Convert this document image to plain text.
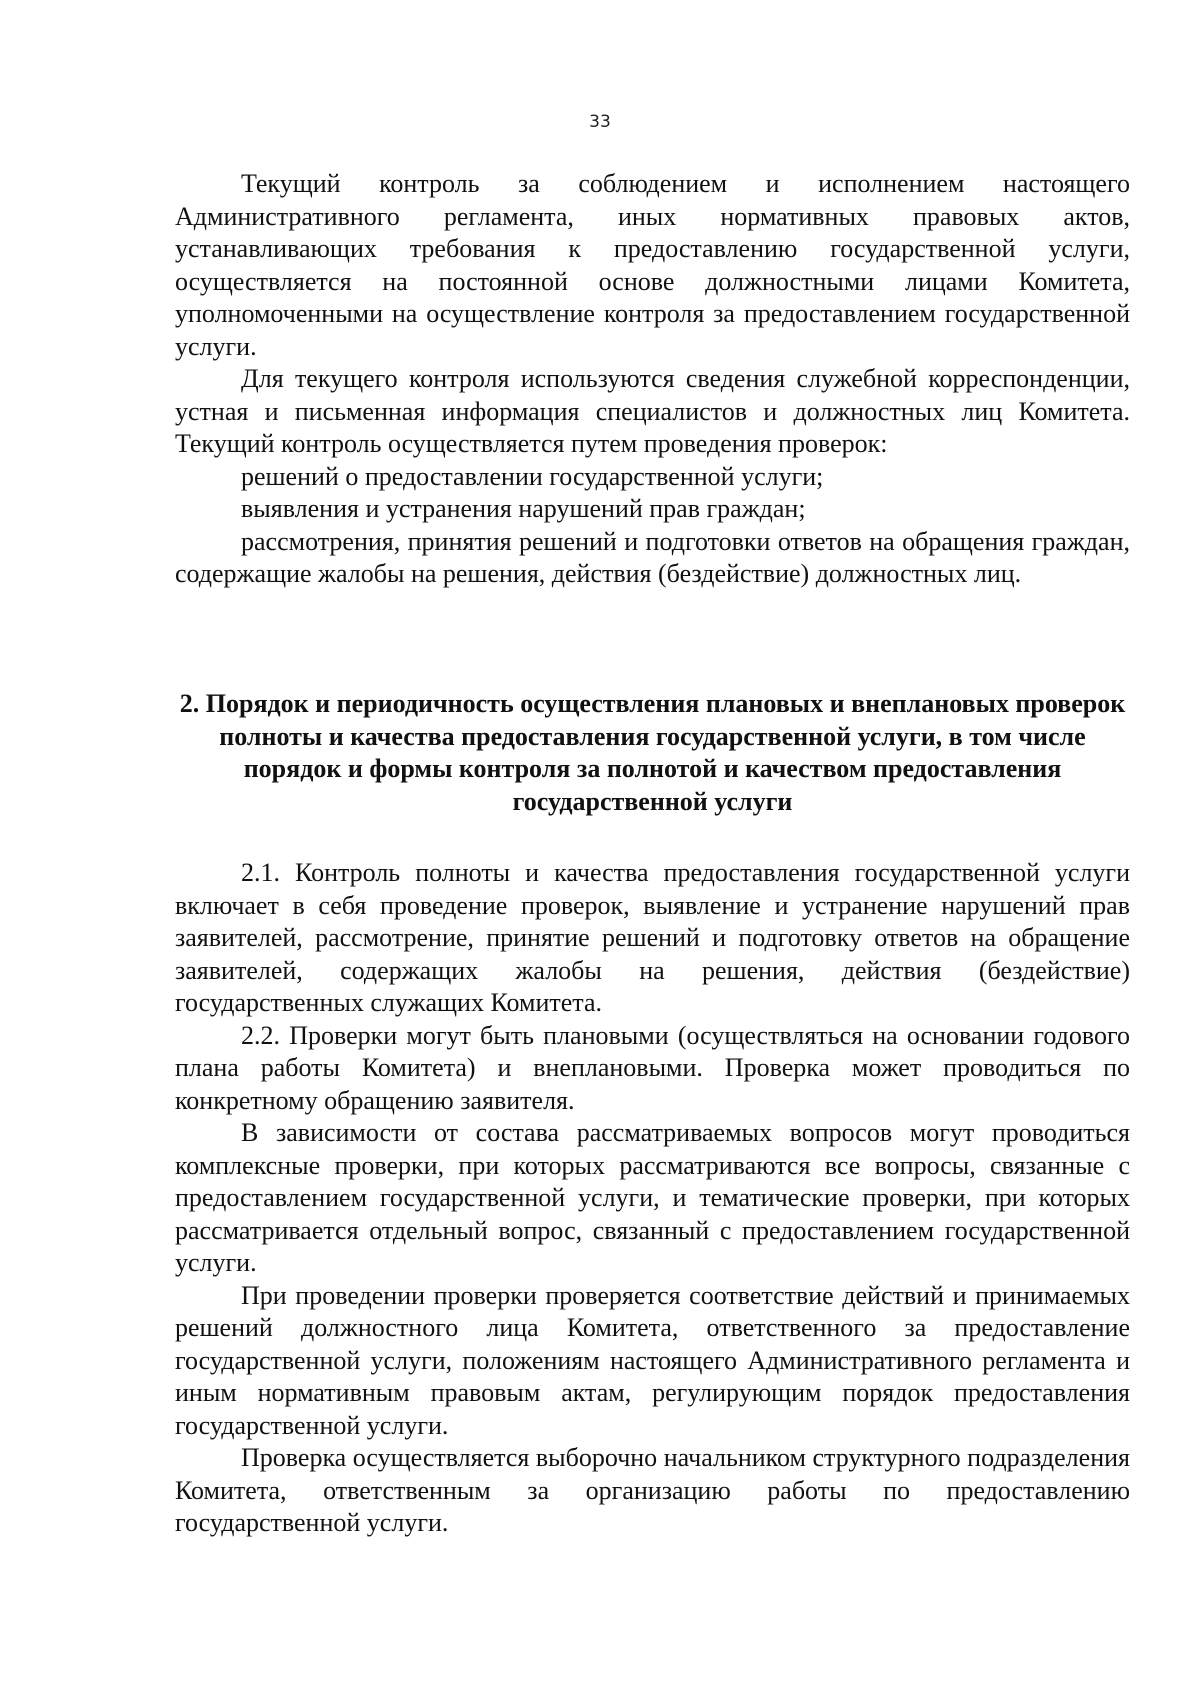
33

Текущий контроль за соблюдением и исполнением настоящего Административного регламента, иных нормативных правовых актов, устанавливающих требования к предоставлению государственной услуги, осуществляется на постоянной основе должностными лицами Комитета, уполномоченными на осуществление контроля за предоставлением государственной услуги.

Для текущего контроля используются сведения служебной корреспонденции, устная и письменная информация специалистов и должностных лиц Комитета. Текущий контроль осуществляется путем проведения проверок:

решений о предоставлении государственной услуги;

выявления и устранения нарушений прав граждан;

рассмотрения, принятия решений и подготовки ответов на обращения граждан, содержащие жалобы на решения, действия (бездействие) должностных лиц.

2. Порядок и периодичность осуществления плановых и внеплановых проверок полноты и качества предоставления государственной услуги, в том числе порядок и формы контроля за полнотой и качеством предоставления государственной услуги

2.1. Контроль полноты и качества предоставления государственной услуги включает в себя проведение проверок, выявление и устранение нарушений прав заявителей, рассмотрение, принятие решений и подготовку ответов на обращение заявителей, содержащих жалобы на решения, действия (бездействие) государственных служащих Комитета.

2.2. Проверки могут быть плановыми (осуществляться на основании годового плана работы Комитета) и внеплановыми. Проверка может проводиться по конкретному обращению заявителя.

В зависимости от состава рассматриваемых вопросов могут проводиться комплексные проверки, при которых рассматриваются все вопросы, связанные с предоставлением государственной услуги, и тематические проверки, при которых рассматривается отдельный вопрос, связанный с предоставлением государственной услуги.

При проведении проверки проверяется соответствие действий и принимаемых решений должностного лица Комитета, ответственного за предоставление государственной услуги, положениям настоящего Административного регламента и иным нормативным правовым актам, регулирующим порядок предоставления государственной услуги.

Проверка осуществляется выборочно начальником структурного подразделения Комитета, ответственным за организацию работы по предоставлению государственной услуги.
